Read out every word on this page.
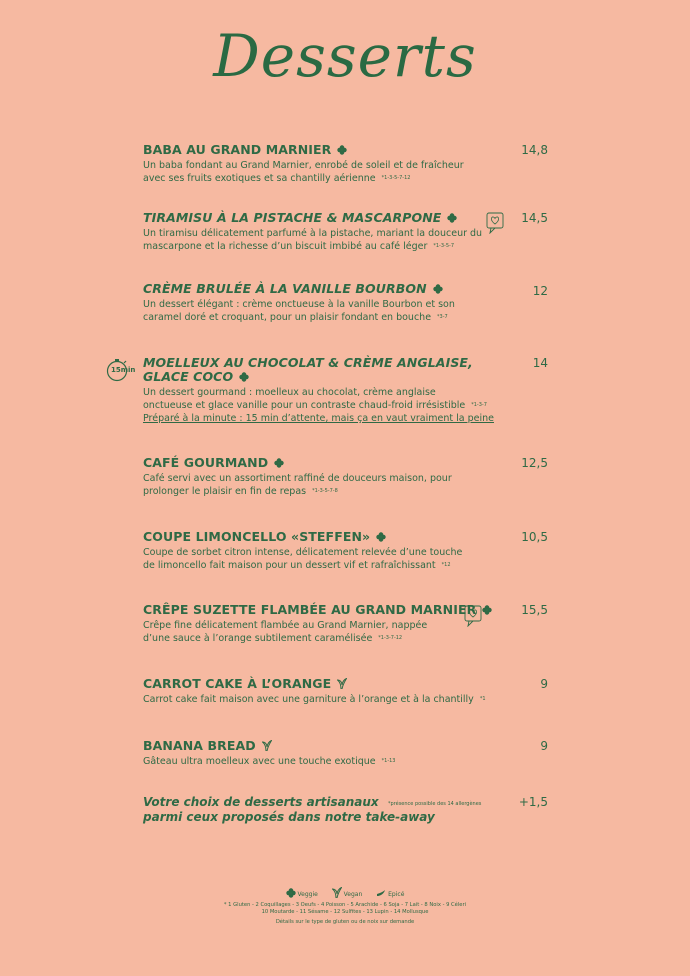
Desserts
BABA AU GRAND MARNIER
Un baba fondant au Grand Marnier, enrobé de soleil et de fraîcheur avec ses fruits exotiques et sa chantilly aérienne *1-3-5-7-12
14,8
TIRAMISU À LA PISTACHE & MASCARPONE
Un tiramisu délicatement parfumé à la pistache, mariant la douceur du mascarpone et la richesse d’un biscuit imbibé au café léger *1-3-5-7
14,5
CRÈME BRULÉE À LA VANILLE BOURBON
Un dessert élégant : crème onctueuse à la vanille Bourbon et son caramel doré et croquant, pour un plaisir fondant en bouche *3-7
12
15min MOELLEUX AU CHOCOLAT & CRÈME ANGLAISE,
GLACE COCO
Un dessert gourmand : moelleux au chocolat, crème anglaise onctueuse et glace vanille pour un contraste chaud-froid irrésistible *1-3-7
Préparé à la minute : 15 min d’attente, mais ça en vaut vraiment la peine
14
CAFÉ GOURMAND
Café servi avec un assortiment raffiné de douceurs maison, pour prolonger le plaisir en fin de repas *1-3-5-7-8
12,5
COUPE LIMONCELLO «STEFFEN»
Coupe de sorbet citron intense, délicatement relevée d’une touche de limoncello fait maison pour un dessert vif et rafraîchissant *12
10,5
CRÊPE SUZETTE FLAMBÉE AU GRAND MARNIER
Crêpe fine délicatement flambée au Grand Marnier, nappée d’une sauce à l’orange subtilement caramélisée *1-3-7-12
15,5
CARROT CAKE À L’ORANGE
Carrot cake fait maison avec une garniture à l’orange et à la chantilly *1
9
BANANA BREAD
Gâteau ultra moelleux avec une touche exotique *1-13
9
Votre choix de desserts artisanaux
parmi ceux proposés dans notre take-away
*présence possible des 14 allergènes	+1,5
Veggie	Vegan	Epicé
* 1 Gluten - 2 Coquillages - 3 Oeufs - 4 Poisson - 5 Arachide - 6 Soja - 7 Lait - 8 Noix - 9 Céleri
10 Moutarde - 11 Sésame - 12 Sulfites - 13 Lupin - 14 Mollusque
Détails sur le type de gluten ou de noix sur demande
